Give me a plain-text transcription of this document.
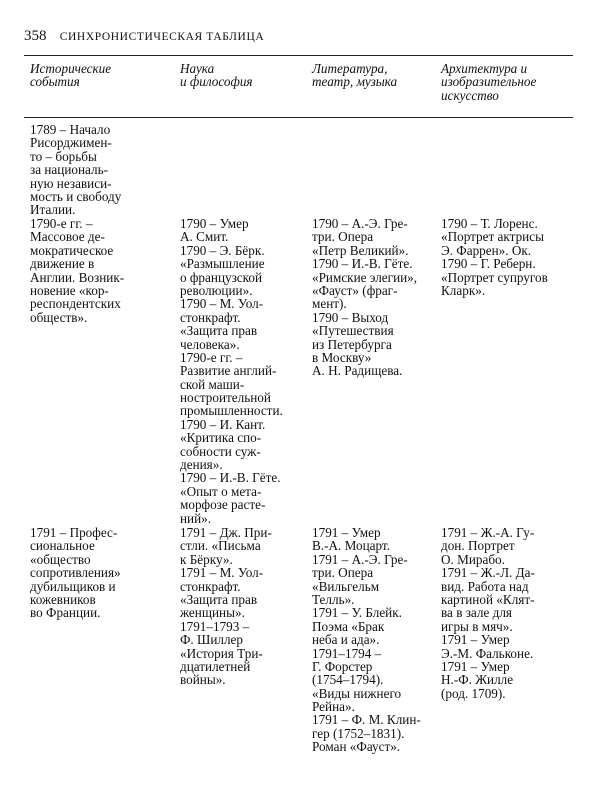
358 СИНХРОНИСТИЧЕСКАЯ ТАБЛИЦА
Исторические
события
Наука
и философия
Литература,
театр, музыка
Архитектура и
изобразительное
искусство
1789 – Начало
Рисорджимен-
то – борьбы
за националь-
ную независи-
мость и свободу
Италии.
1790-е гг. –
Массовое де-
мократическое
движение в
Англии. Возник-
новение «кор-
респондентских
обществ».
1790 – Умер
А. Смит.
1790 – Э. Бёрк.
«Размышление
о французской
революции».
1790 – М. Уол-
стонкрафт.
«Защита прав
человека».
1790-е гг. –
Развитие англий-
ской маши-
ностроительной
промышленности.
1790 – И. Кант.
«Критика спо-
собности суж-
дения».
1790 – И.-В. Гёте.
«Опыт о мета-
морфозе расте-
ний».
1790 – А.-Э. Гре-
три. Опера
«Петр Великий».
1790 – И.-В. Гёте.
«Римские элегии»,
«Фауст» (фраг-
мент).
1790 – Выход
«Путешествия
из Петербурга
в Москву»
А. Н. Радищева.
1790 – Т. Лоренс.
«Портрет актрисы
Э. Фаррен». Ок.
1790 – Г. Реберн.
«Портрет супругов
Кларк».
1791 – Профес-
сиональное
«общество
сопротивления»
дубильщиков и
кожевников
во Франции.
1791 – Дж. При-
стли. «Письма
к Бёрку».
1791 – М. Уол-
стонкрафт.
«Защита прав
женщины».
1791–1793 –
Ф. Шиллер
«История Три-
дцатилетней
войны».
1791 – Умер
В.-А. Моцарт.
1791 – А.-Э. Гре-
три. Опера
«Вильгельм
Телль».
1791 – У. Блейк.
Поэма «Брак
неба и ада».
1791–1794 –
Г. Форстер
(1754–1794).
«Виды нижнего
Рейна».
1791 – Ф. М. Клин-
гер (1752–1831).
Роман «Фауст».
1791 – Ж.-А. Гу-
дон. Портрет
О. Мирабо.
1791 – Ж.-Л. Да-
вид. Работа над
картиной «Клят-
ва в зале для
игры в мяч».
1791 – Умер
Э.-М. Фальконе.
1791 – Умер
Н.-Ф. Жилле
(род. 1709).
